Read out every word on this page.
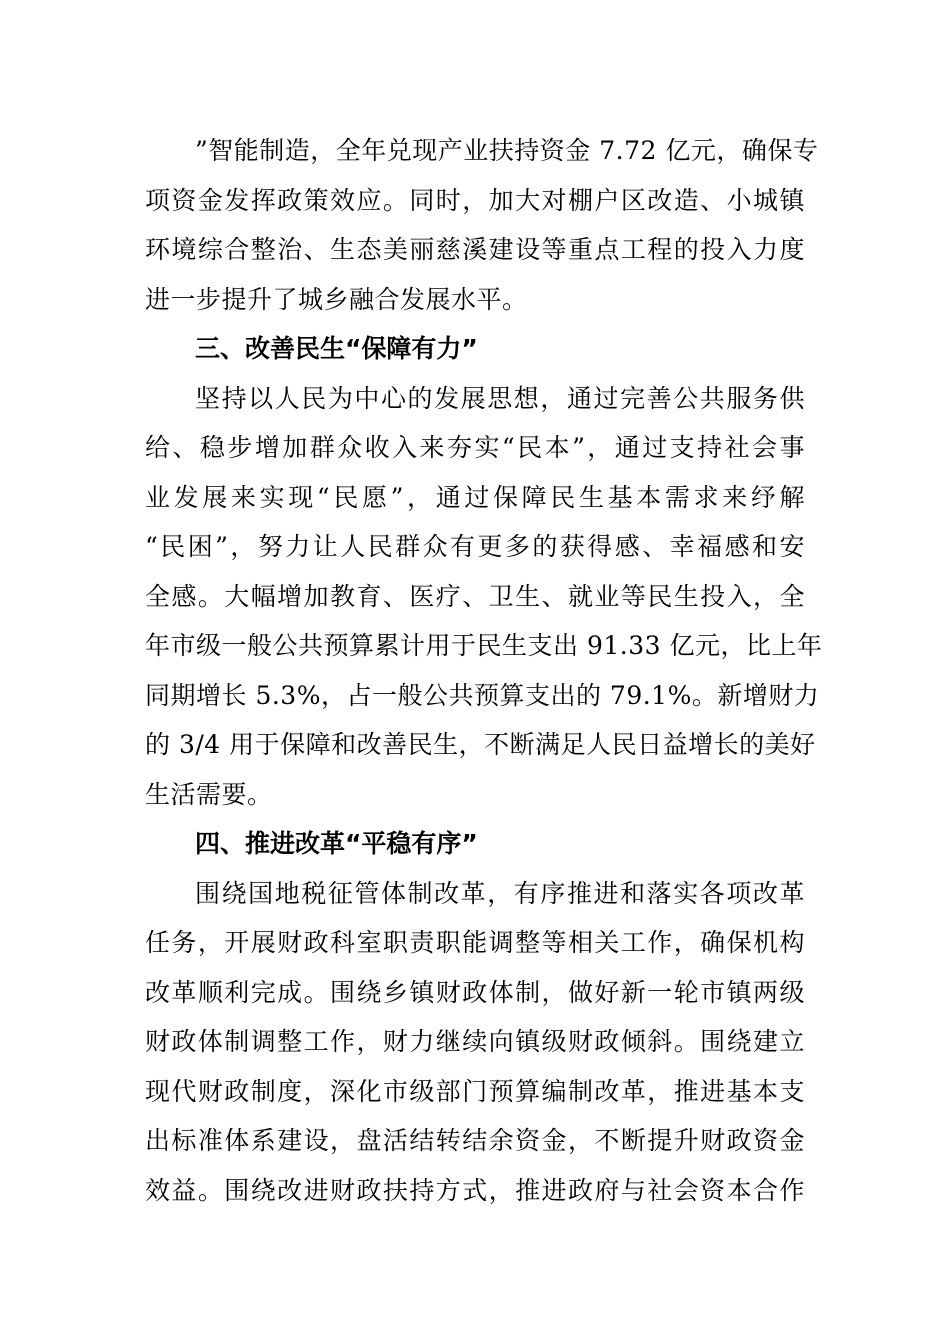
”智能制造，全年兑现产业扶持资金 7.72 亿元，确保专
项资金发挥政策效应。同时，加大对棚户区改造、小城镇
环境综合整治、生态美丽慈溪建设等重点工程的投入力度
进一步提升了城乡融合发展水平。
三、改善民生“保障有力”
坚持以人民为中心的发展思想，通过完善公共服务供
给、稳步增加群众收入来夯实“民本”，通过支持社会事
业发展来实现“民愿”，通过保障民生基本需求来纾解
“民困”，努力让人民群众有更多的获得感、幸福感和安
全感。大幅增加教育、医疗、卫生、就业等民生投入，全
年市级一般公共预算累计用于民生支出 91.33 亿元，比上年
同期增长 5.3%，占一般公共预算支出的 79.1%。新增财力
的 3/4 用于保障和改善民生，不断满足人民日益增长的美好
生活需要。
四、推进改革“平稳有序”
围绕国地税征管体制改革，有序推进和落实各项改革
任务，开展财政科室职责职能调整等相关工作，确保机构
改革顺利完成。围绕乡镇财政体制，做好新一轮市镇两级
财政体制调整工作，财力继续向镇级财政倾斜。围绕建立
现代财政制度，深化市级部门预算编制改革，推进基本支
出标准体系建设，盘活结转结余资金，不断提升财政资金
效益。围绕改进财政扶持方式，推进政府与社会资本合作
